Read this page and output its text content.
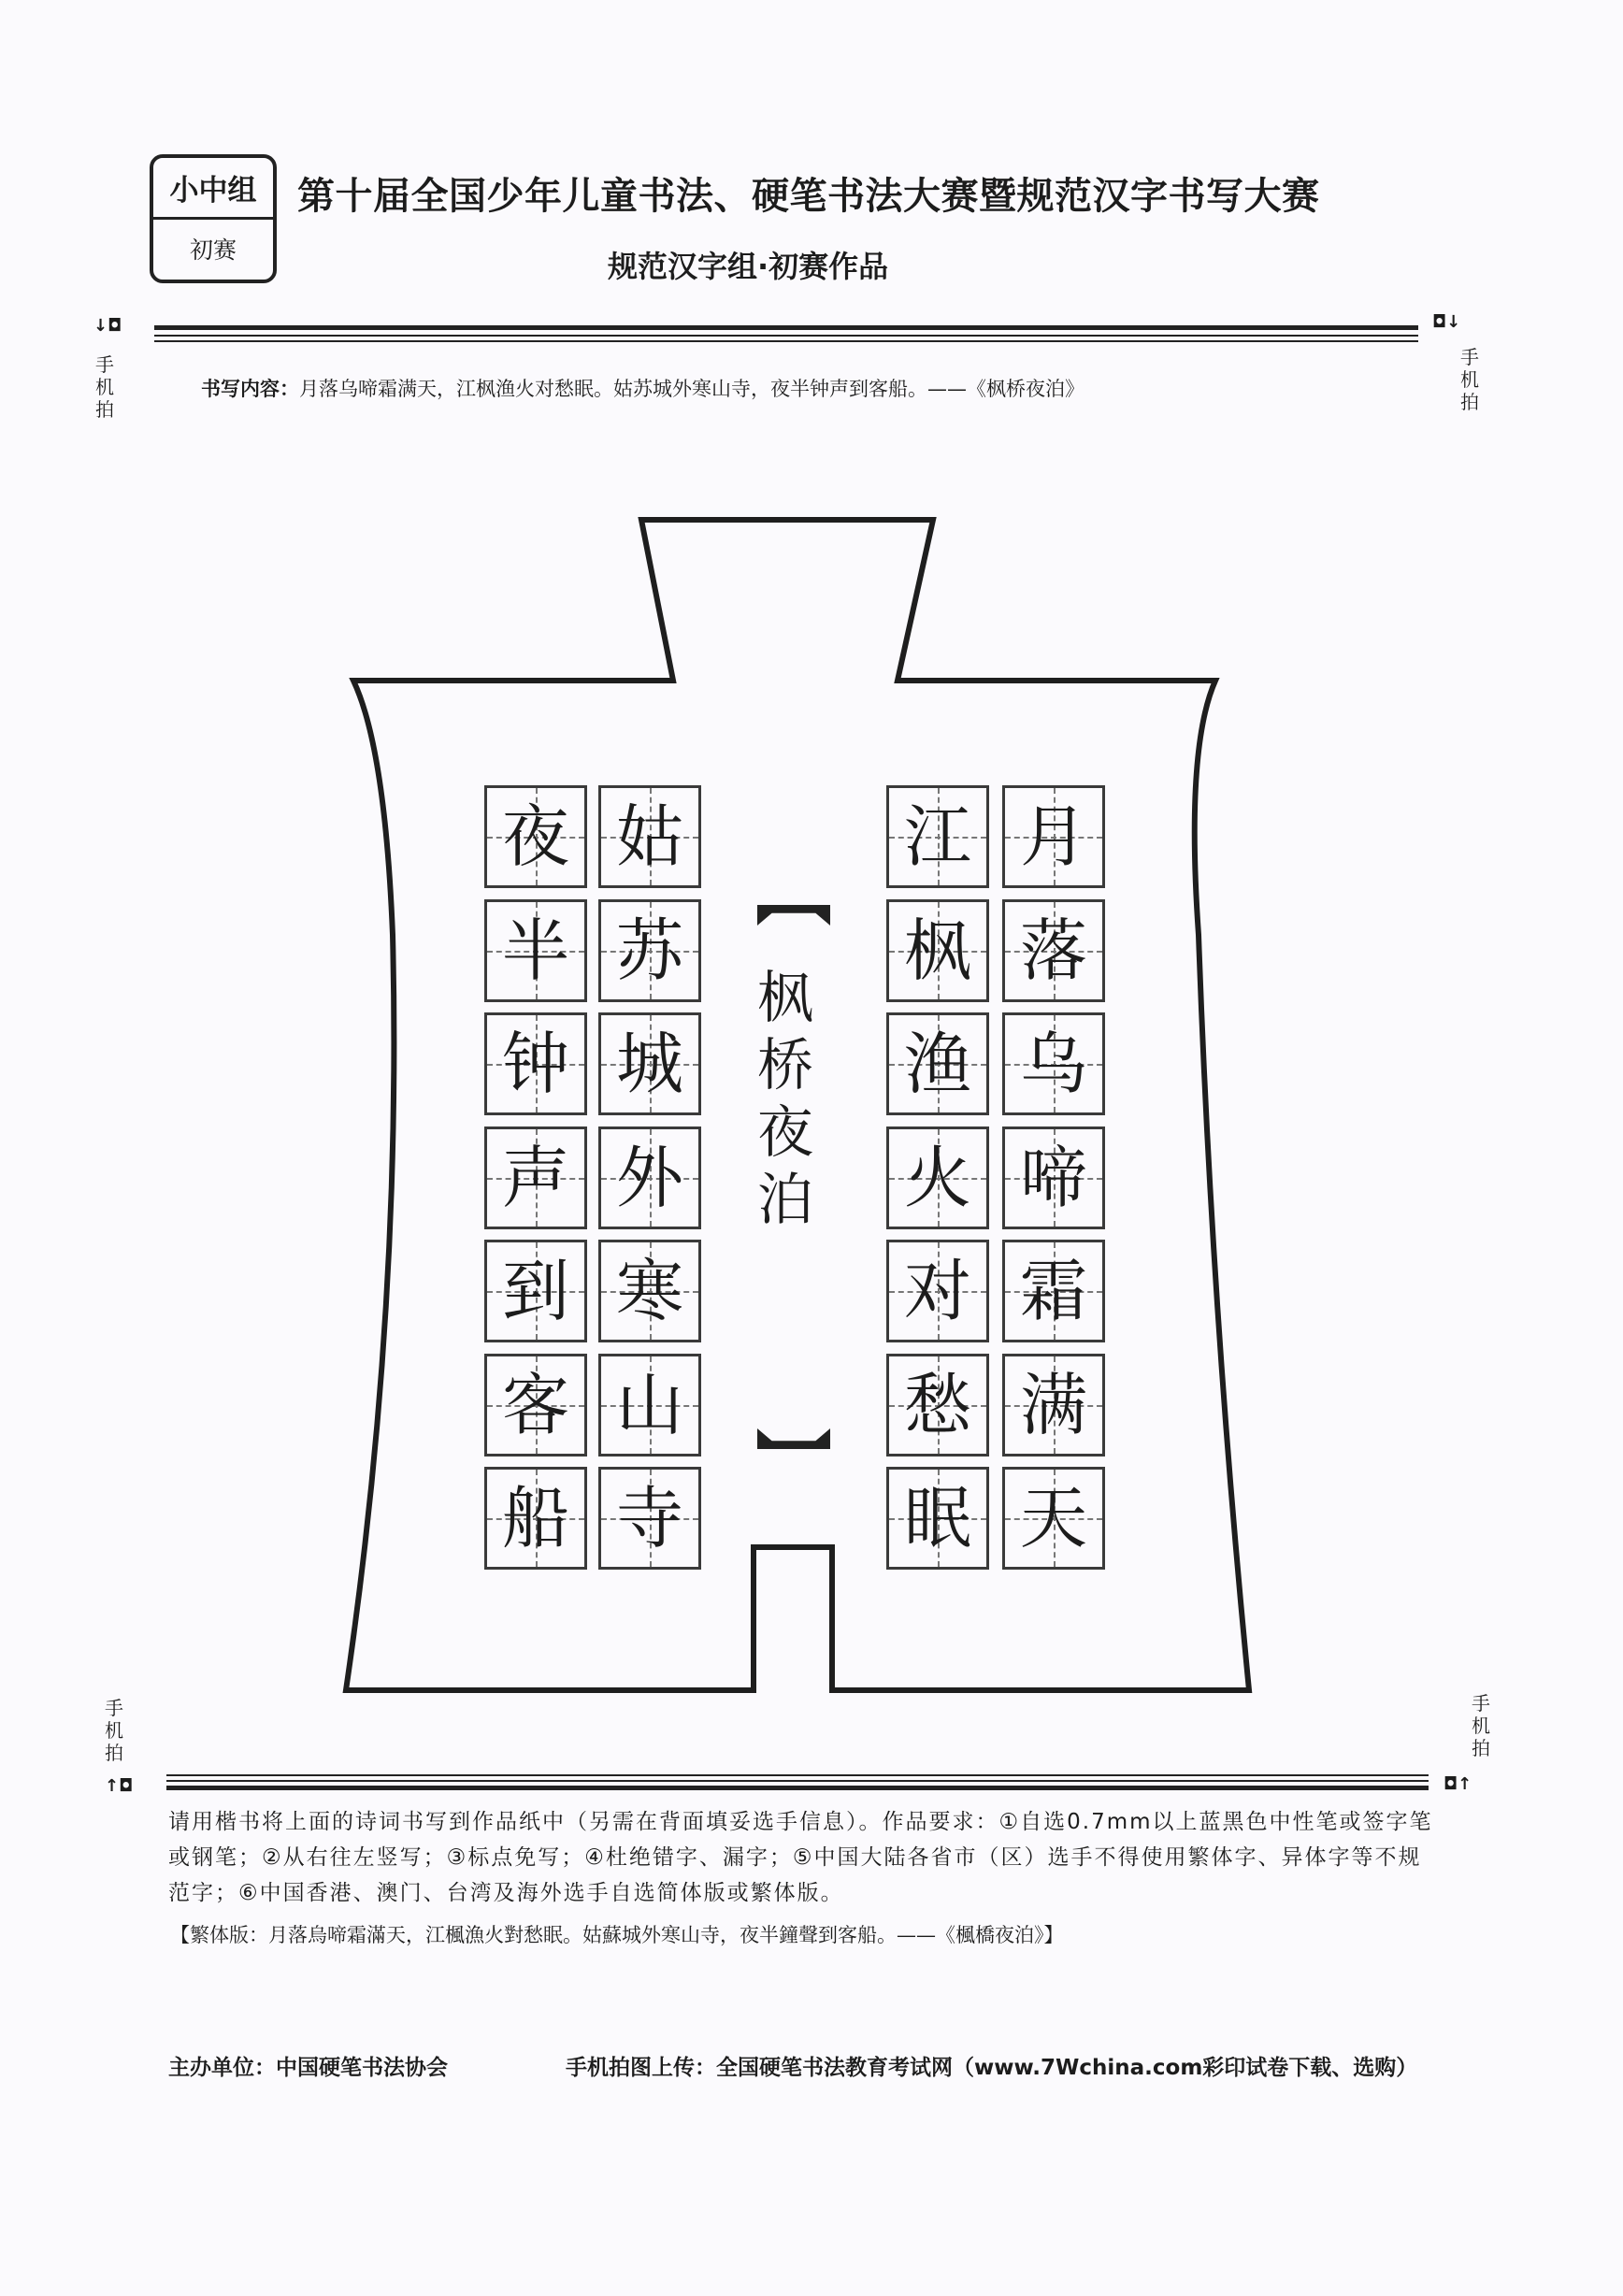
小中组
初赛
第十届全国少年儿童书法、硬笔书法大赛暨规范汉字书写大赛
规范汉字组·初赛作品
↓◘
手机拍
◘↓
手机拍
书写内容：月落乌啼霜满天，江枫渔火对愁眠。姑苏城外寒山寺，夜半钟声到客船。——《枫桥夜泊》
枫桥夜泊
手机拍
↑◘
手机拍
◘↑
请用楷书将上面的诗词书写到作品纸中（另需在背面填妥选手信息）。作品要求：①自选0.7mm以上蓝黑色中性笔或签字笔或钢笔；②从右往左竖写；③标点免写；④杜绝错字、漏字；⑤中国大陆各省市（区）选手不得使用繁体字、异体字等不规范字；⑥中国香港、澳门、台湾及海外选手自选简体版或繁体版。
【繁体版：月落烏啼霜滿天，江楓漁火對愁眠。姑蘇城外寒山寺，夜半鐘聲到客船。——《楓橋夜泊》】
主办单位：中国硬笔书法协会	手机拍图上传：全国硬笔书法教育考试网（www.7Wchina.com彩印试卷下载、选购）
月
落
乌
啼
霜
满
天
江
枫
渔
火
对
愁
眠
姑
苏
城
外
寒
山
寺
夜
半
钟
声
到
客
船
